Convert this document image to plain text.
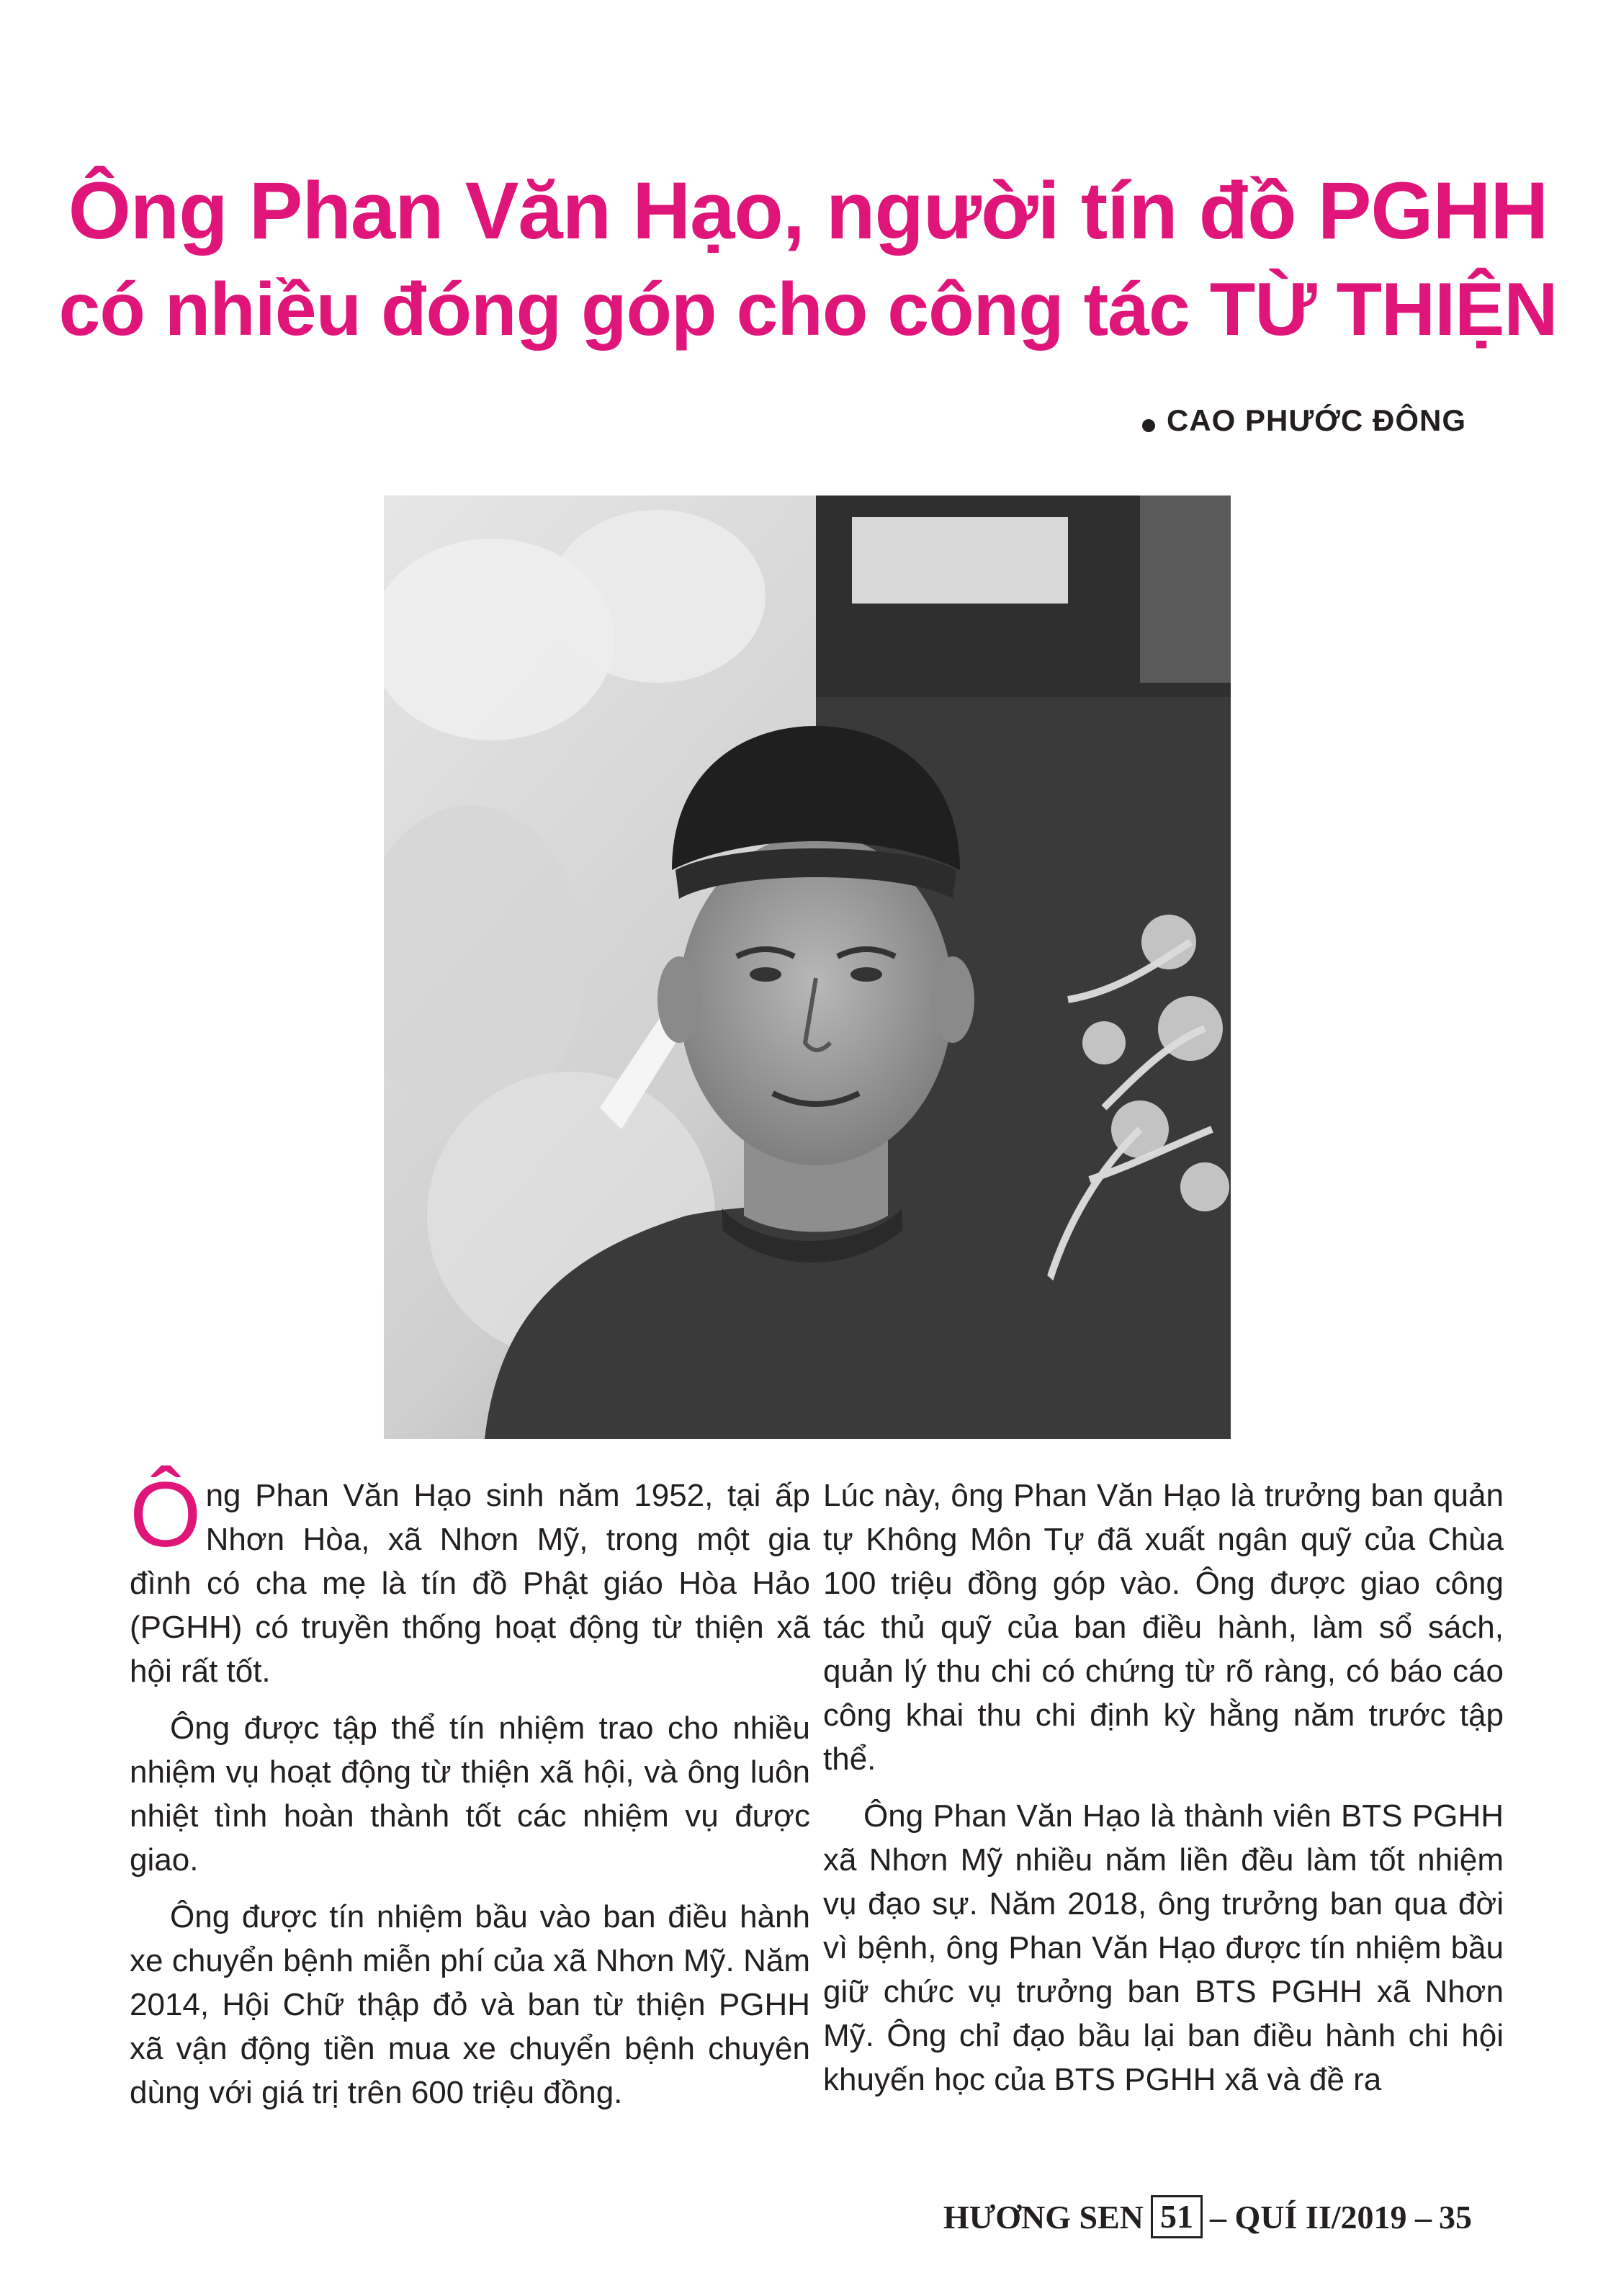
Ông Phan Văn Hạo, người tín đồ PGHH
có nhiều đóng góp cho công tác TỪ THIỆN
CAO PHƯỚC ĐÔNG

Ông Phan Văn Hạo sinh năm 1952, tại ấp Nhơn Hòa, xã Nhơn Mỹ, trong một gia đình có cha mẹ là tín đồ Phật giáo Hòa Hảo (PGHH) có truyền thống hoạt động từ thiện xã hội rất tốt.

Ông được tập thể tín nhiệm trao cho nhiều nhiệm vụ hoạt động từ thiện xã hội, và ông luôn nhiệt tình hoàn thành tốt các nhiệm vụ được giao.

Ông được tín nhiệm bầu vào ban điều hành xe chuyển bệnh miễn phí của xã Nhơn Mỹ. Năm 2014, Hội Chữ thập đỏ và ban từ thiện PGHH xã vận động tiền mua xe chuyển bệnh chuyên dùng với giá trị trên 600 triệu đồng.

Lúc này, ông Phan Văn Hạo là trưởng ban quản tự Không Môn Tự đã xuất ngân quỹ của Chùa 100 triệu đồng góp vào. Ông được giao công tác thủ quỹ của ban điều hành, làm sổ sách, quản lý thu chi có chứng từ rõ ràng, có báo cáo công khai thu chi định kỳ hằng năm trước tập thể.

Ông Phan Văn Hạo là thành viên BTS PGHH xã Nhơn Mỹ nhiều năm liền đều làm tốt nhiệm vụ đạo sự. Năm 2018, ông trưởng ban qua đời vì bệnh, ông Phan Văn Hạo được tín nhiệm bầu giữ chức vụ trưởng ban BTS PGHH xã Nhơn Mỹ. Ông chỉ đạo bầu lại ban điều hành chi hội khuyến học của BTS PGHH xã và đề ra

HƯƠNG SEN 51 – QUÍ II/2019 – 35
